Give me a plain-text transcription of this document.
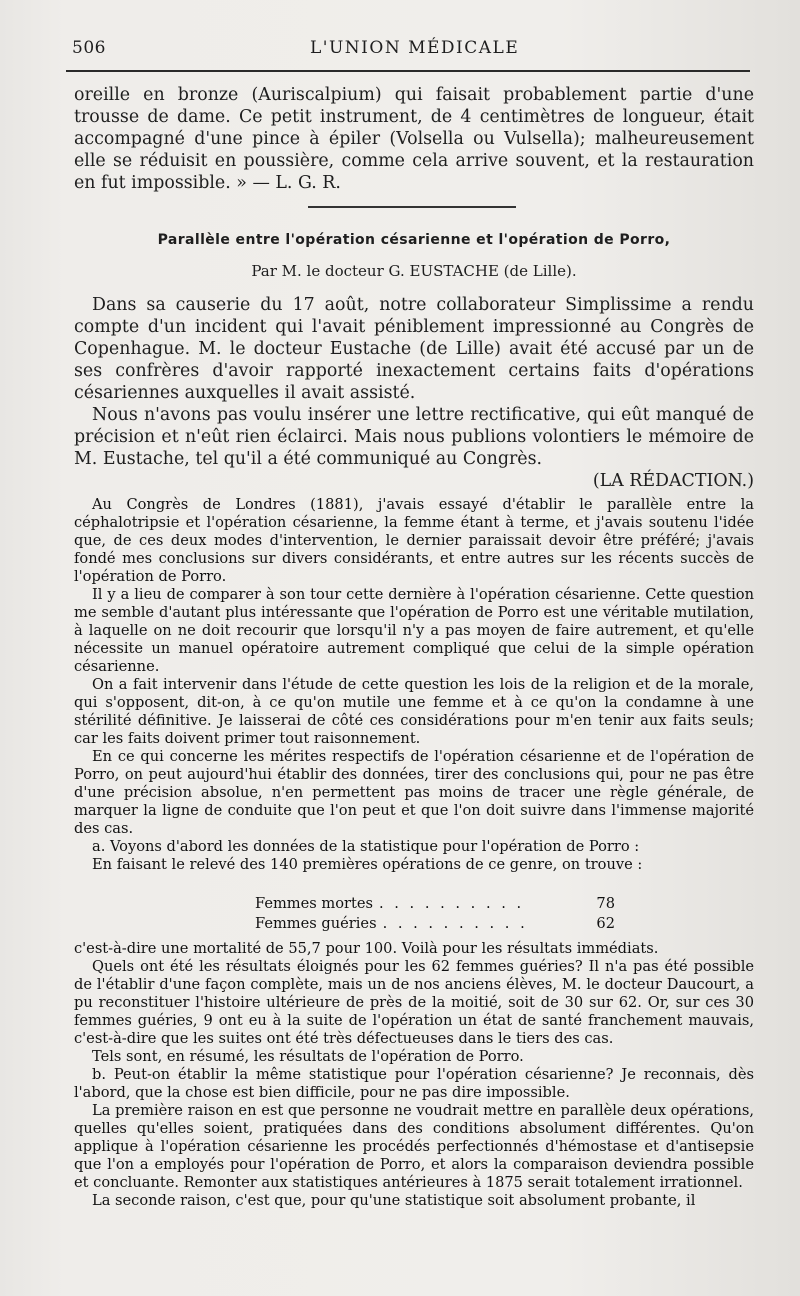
506	L'UNION MÉDICALE

oreille en bronze (Auriscalpium) qui faisait probablement partie d'une trousse de dame. Ce petit instrument, de 4 centimètres de longueur, était accompagné d'une pince à épiler (Volsella ou Vulsella); malheureusement elle se réduisit en poussière, comme cela arrive souvent, et la restauration en fut impossible. » — L. G. R.

Parallèle entre l'opération césarienne et l'opération de Porro,
Par M. le docteur G. EUSTACHE (de Lille).

Dans sa causerie du 17 août, notre collaborateur Simplissime a rendu compte d'un incident qui l'avait péniblement impressionné au Congrès de Copenhague. M. le docteur Eustache (de Lille) avait été accusé par un de ses confrères d'avoir rapporté inexactement certains faits d'opérations césariennes auxquelles il avait assisté.

Nous n'avons pas voulu insérer une lettre rectificative, qui eût manqué de précision et n'eût rien éclairci. Mais nous publions volontiers le mémoire de M. Eustache, tel qu'il a été communiqué au Congrès.

(LA RÉDACTION.)

Au Congrès de Londres (1881), j'avais essayé d'établir le parallèle entre la céphalotripsie et l'opération césarienne, la femme étant à terme, et j'avais soutenu l'idée que, de ces deux modes d'intervention, le dernier paraissait devoir être préféré; j'avais fondé mes conclusions sur divers considérants, et entre autres sur les récents succès de l'opération de Porro.

Il y a lieu de comparer à son tour cette dernière à l'opération césarienne. Cette question me semble d'autant plus intéressante que l'opération de Porro est une véritable mutilation, à laquelle on ne doit recourir que lorsqu'il n'y a pas moyen de faire autrement, et qu'elle nécessite un manuel opératoire autrement compliqué que celui de la simple opération césarienne.

On a fait intervenir dans l'étude de cette question les lois de la religion et de la morale, qui s'opposent, dit-on, à ce qu'on mutile une femme et à ce qu'on la condamne à une stérilité définitive. Je laisserai de côté ces considérations pour m'en tenir aux faits seuls; car les faits doivent primer tout raisonnement.

En ce qui concerne les mérites respectifs de l'opération césarienne et de l'opération de Porro, on peut aujourd'hui établir des données, tirer des conclusions qui, pour ne pas être d'une précision absolue, n'en permettent pas moins de tracer une règle générale, de marquer la ligne de conduite que l'on peut et que l'on doit suivre dans l'immense majorité des cas.

a. Voyons d'abord les données de la statistique pour l'opération de Porro :

En faisant le relevé des 140 premières opérations de ce genre, on trouve :

Femmes mortes . . . . . . . . . .	78
Femmes guéries . . . . . . . . . .	62

c'est-à-dire une mortalité de 55,7 pour 100. Voilà pour les résultats immédiats.

Quels ont été les résultats éloignés pour les 62 femmes guéries? Il n'a pas été possible de l'établir d'une façon complète, mais un de nos anciens élèves, M. le docteur Daucourt, a pu reconstituer l'histoire ultérieure de près de la moitié, soit de 30 sur 62. Or, sur ces 30 femmes guéries, 9 ont eu à la suite de l'opération un état de santé franchement mauvais, c'est-à-dire que les suites ont été très défectueuses dans le tiers des cas.

Tels sont, en résumé, les résultats de l'opération de Porro.

b. Peut-on établir la même statistique pour l'opération césarienne? Je reconnais, dès l'abord, que la chose est bien difficile, pour ne pas dire impossible.

La première raison en est que personne ne voudrait mettre en parallèle deux opérations, quelles qu'elles soient, pratiquées dans des conditions absolument différentes. Qu'on applique à l'opération césarienne les procédés perfectionnés d'hémostase et d'antisepsie que l'on a employés pour l'opération de Porro, et alors la comparaison deviendra possible et concluante. Remonter aux statistiques antérieures à 1875 serait totalement irrationnel.

La seconde raison, c'est que, pour qu'une statistique soit absolument probante, il
